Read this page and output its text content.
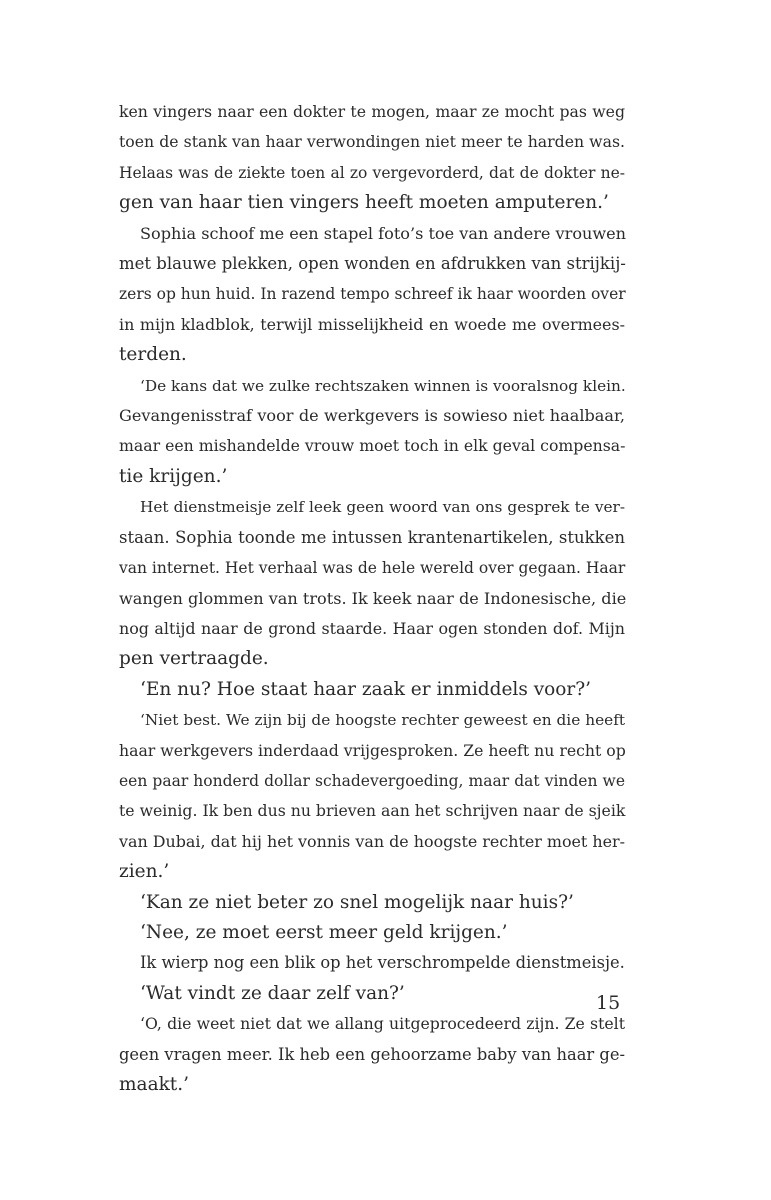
ken vingers naar een dokter te mogen, maar ze mocht pas weg
toen de stank van haar verwondingen niet meer te harden was.
Helaas was de ziekte toen al zo vergevorderd, dat de dokter ne-
gen van haar tien vingers heeft moeten amputeren.’
Sophia schoof me een stapel foto’s toe van andere vrouwen
met blauwe plekken, open wonden en afdrukken van strijkij-
zers op hun huid. In razend tempo schreef ik haar woorden over
in mijn kladblok, terwijl misselijkheid en woede me overmees-
terden.
‘De kans dat we zulke rechtszaken winnen is vooralsnog klein.
Gevangenisstraf voor de werkgevers is sowieso niet haalbaar,
maar een mishandelde vrouw moet toch in elk geval compensa-
tie krijgen.’
Het dienstmeisje zelf leek geen woord van ons gesprek te ver-
staan. Sophia toonde me intussen krantenartikelen, stukken
van internet. Het verhaal was de hele wereld over gegaan. Haar
wangen glommen van trots. Ik keek naar de Indonesische, die
nog altijd naar de grond staarde. Haar ogen stonden dof. Mijn
pen vertraagde.
‘En nu? Hoe staat haar zaak er inmiddels voor?’
‘Niet best. We zijn bij de hoogste rechter geweest en die heeft
haar werkgevers inderdaad vrijgesproken. Ze heeft nu recht op
een paar honderd dollar schadevergoeding, maar dat vinden we
te weinig. Ik ben dus nu brieven aan het schrijven naar de sjeik
van Dubai, dat hij het vonnis van de hoogste rechter moet her-
zien.’
‘Kan ze niet beter zo snel mogelijk naar huis?’
‘Nee, ze moet eerst meer geld krijgen.’
Ik wierp nog een blik op het verschrompelde dienstmeisje.
‘Wat vindt ze daar zelf van?’
‘O, die weet niet dat we allang uitgeprocedeerd zijn. Ze stelt
geen vragen meer. Ik heb een gehoorzame baby van haar ge-
maakt.’
15
